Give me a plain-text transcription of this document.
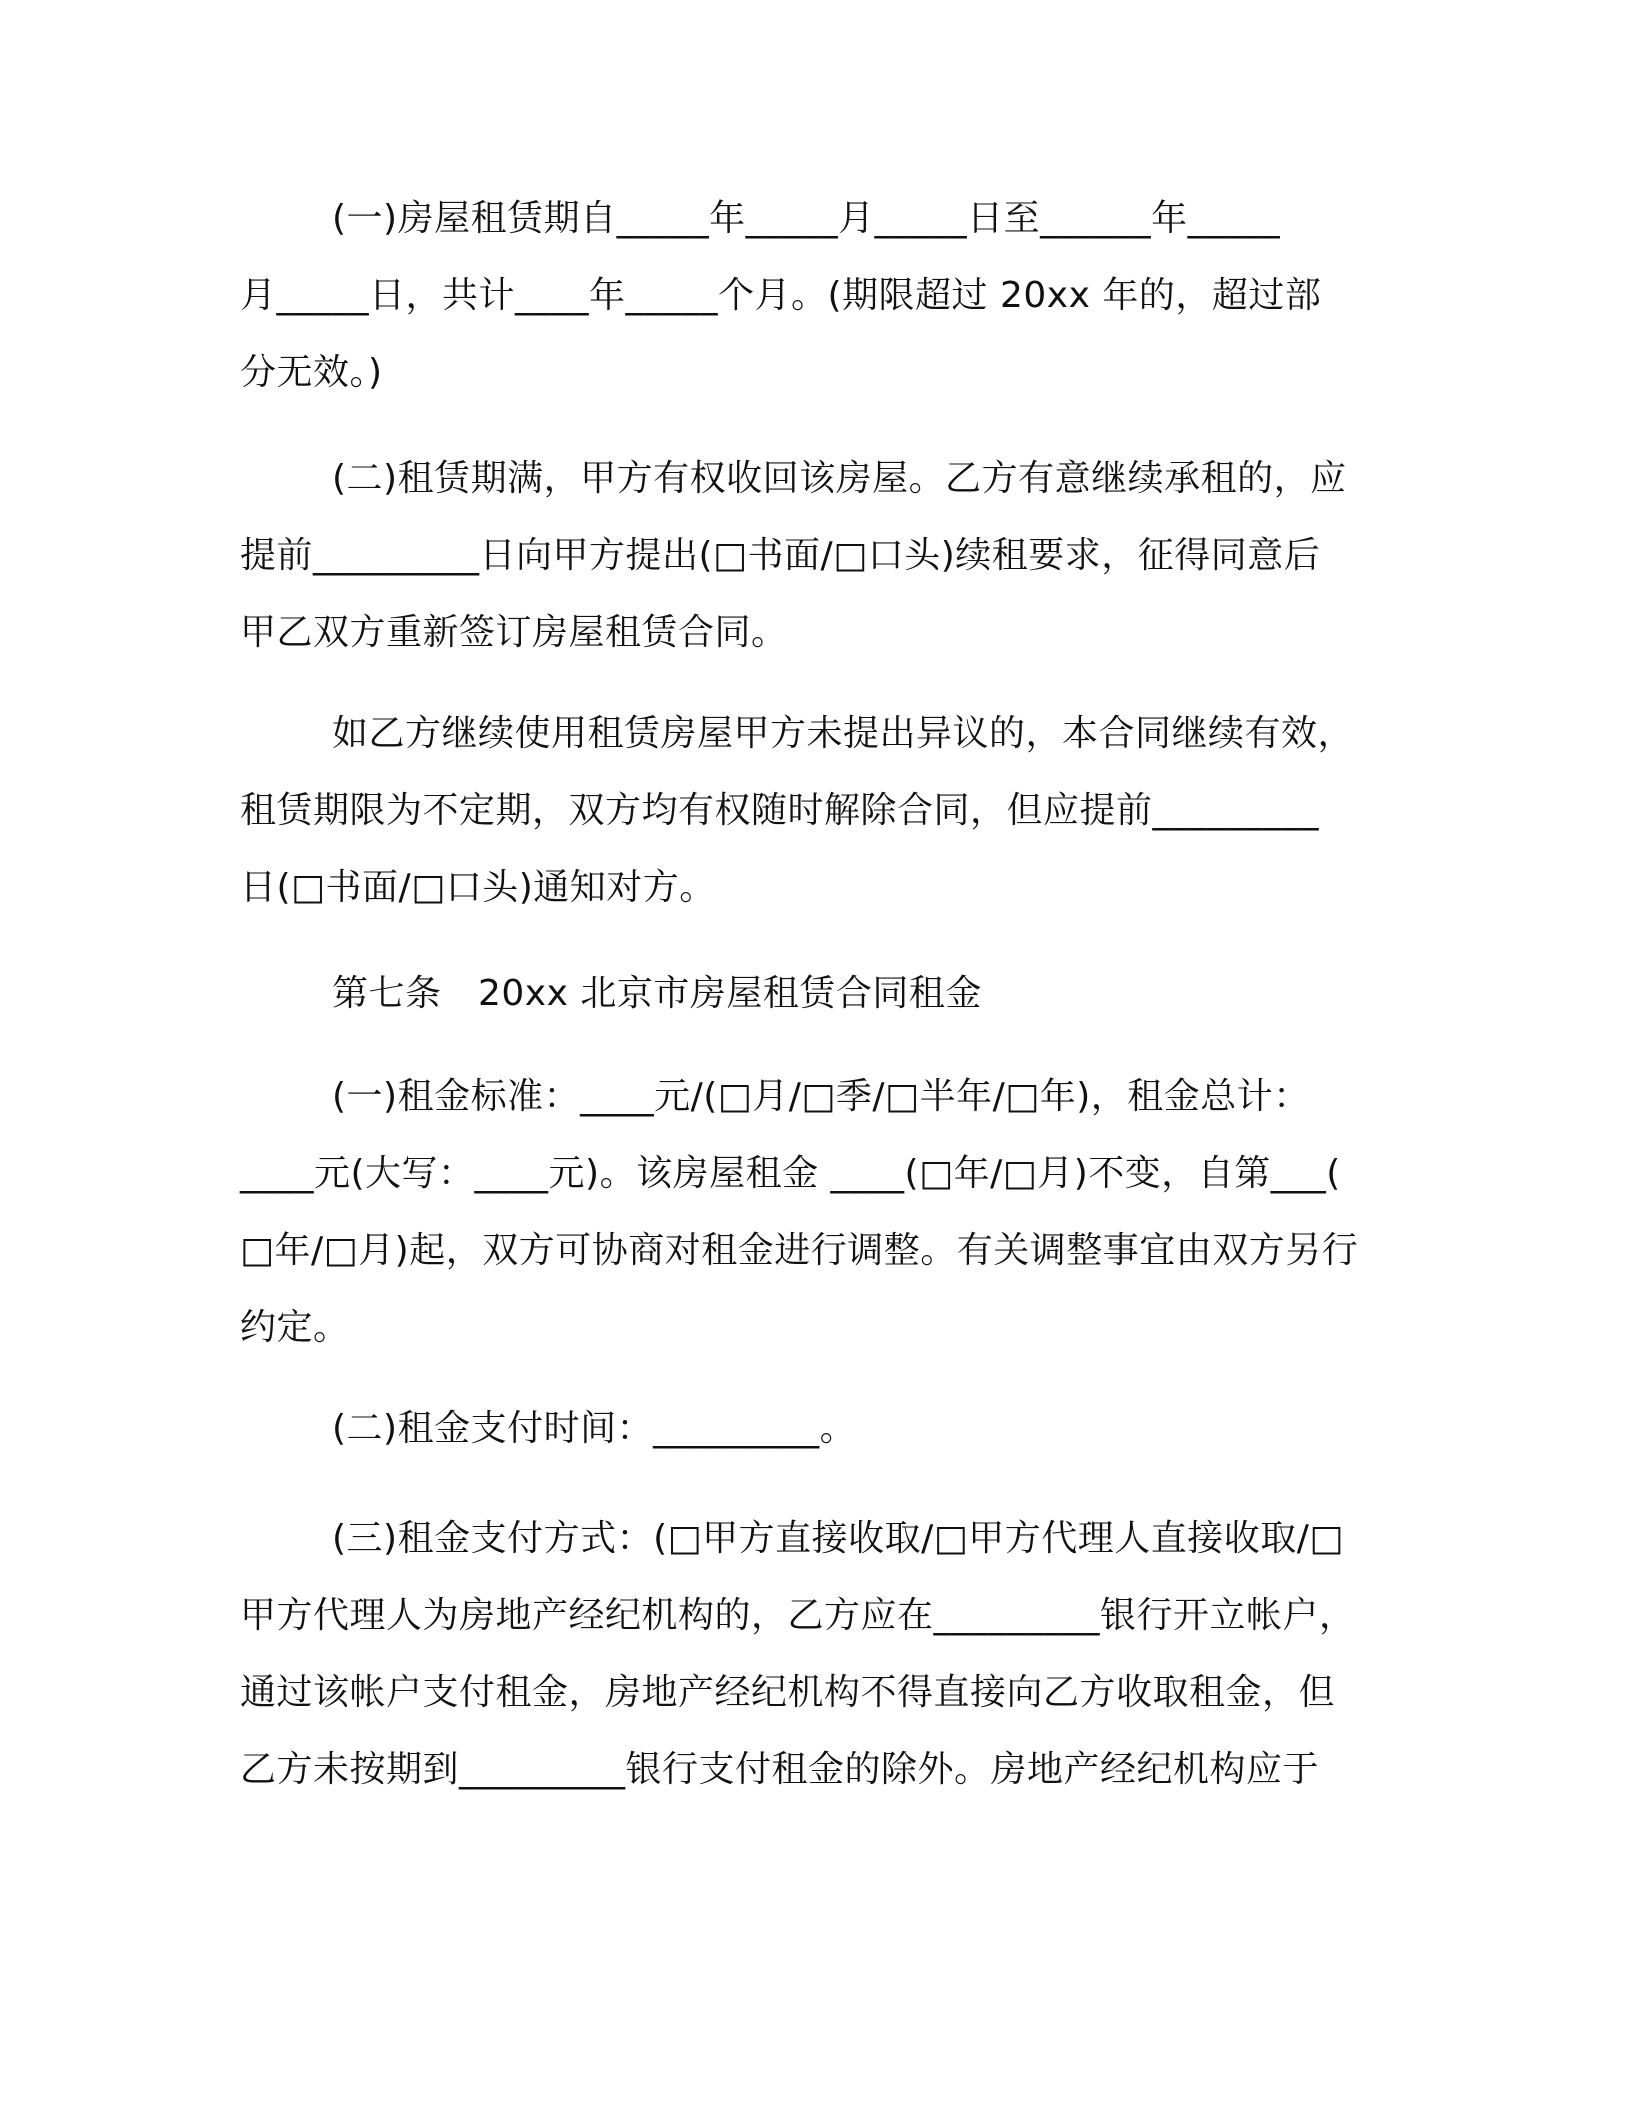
(一)房屋租赁期自_____年_____月_____日至______年_____
月_____日，共计____年_____个月。(期限超过 20xx 年的，超过部
分无效。)

(二)租赁期满，甲方有权收回该房屋。乙方有意继续承租的，应
提前_________日向甲方提出(□书面/□口头)续租要求，征得同意后
甲乙双方重新签订房屋租赁合同。

如乙方继续使用租赁房屋甲方未提出异议的，本合同继续有效，
租赁期限为不定期，双方均有权随时解除合同，但应提前_________
日(□书面/□口头)通知对方。

第七条　20xx 北京市房屋租赁合同租金

(一)租金标准：____元/(□月/□季/□半年/□年)，租金总计：
____元(大写：____元)。该房屋租金 ____(□年/□月)不变，自第___(
□年/□月)起，双方可协商对租金进行调整。有关调整事宜由双方另行
约定。

(二)租金支付时间：_________。

(三)租金支付方式：(□甲方直接收取/□甲方代理人直接收取/□
甲方代理人为房地产经纪机构的，乙方应在_________银行开立帐户，
通过该帐户支付租金，房地产经纪机构不得直接向乙方收取租金，但
乙方未按期到_________银行支付租金的除外。房地产经纪机构应于
